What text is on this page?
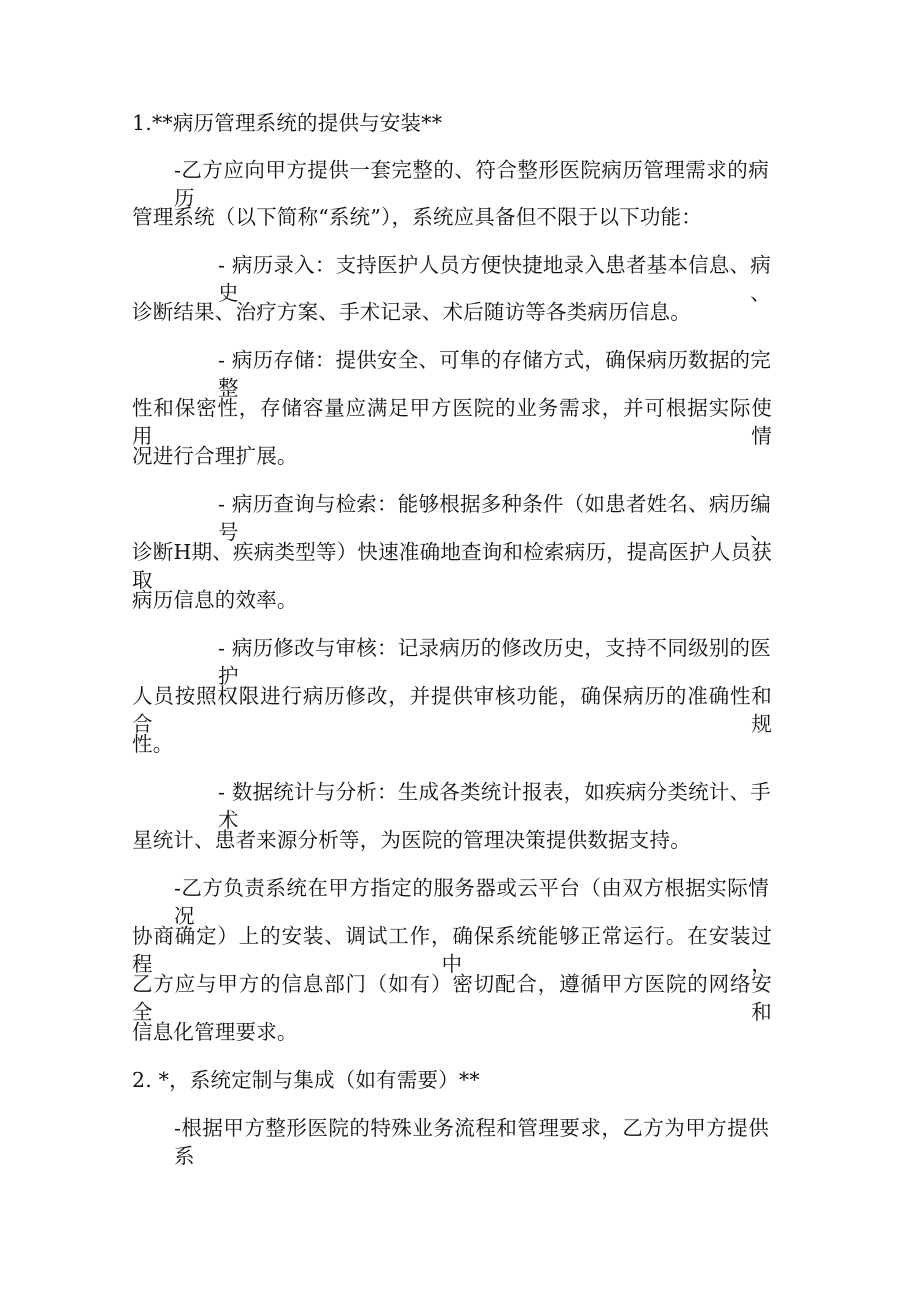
1.**病历管理系统的提供与安装**
-乙方应向甲方提供一套完整的、符合整形医院病历管理需求的病历
管理系统（以下简称“系统”），系统应具备但不限于以下功能：
- 病历录入：支持医护人员方便快捷地录入患者基本信息、病史、
诊断结果、治疗方案、手术记录、术后随访等各类病历信息。
- 病历存储：提供安全、可隼的存储方式，确保病历数据的完整
性和保密性，存储容量应满足甲方医院的业务需求，并可根据实际使用情
况进行合理扩展。
- 病历查询与检索：能够根据多种条件（如患者姓名、病历编号、
诊断H期、疾病类型等）快速准确地查询和检索病历，提高医护人员获取
病历信息的效率。
- 病历修改与审核：记录病历的修改历史，支持不同级别的医护
人员按照权限进行病历修改，并提供审核功能，确保病历的准确性和合规
性。
- 数据统计与分析：生成各类统计报表，如疾病分类统计、手术
星统计、患者来源分析等，为医院的管理决策提供数据支持。
-乙方负责系统在甲方指定的服务器或云平台（由双方根据实际情况
协商确定）上的安装、调试工作，确保系统能够正常运行。在安装过程中，
乙方应与甲方的信息部门（如有）密切配合，遵循甲方医院的网络安全和
信息化管理要求。
2. *，系统定制与集成（如有需要）**
-根据甲方整形医院的特殊业务流程和管理要求，乙方为甲方提供系
